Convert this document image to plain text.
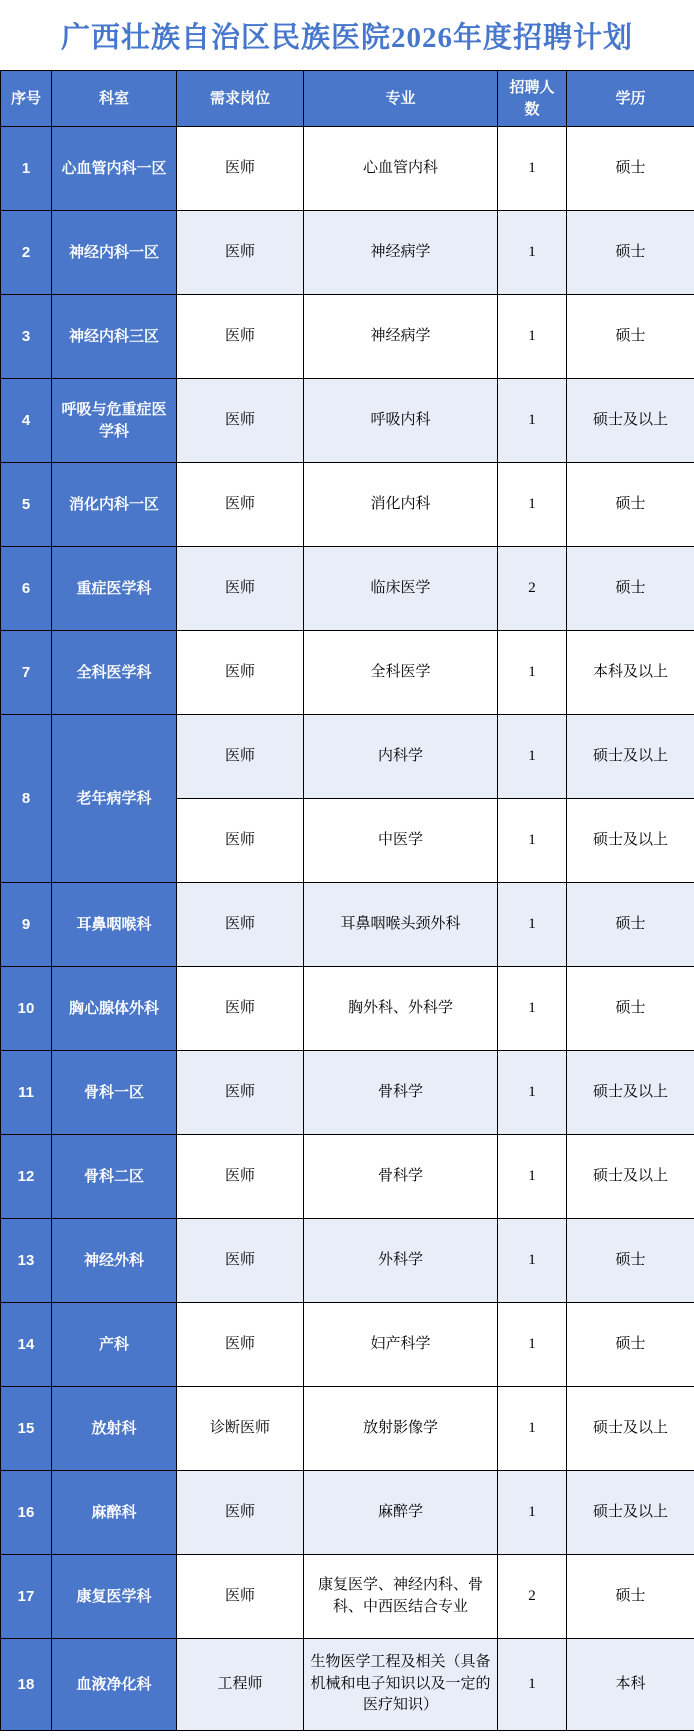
广西壮族自治区民族医院2026年度招聘计划
序号	科室	需求岗位	专业	招聘人数	学历
1	心血管内科一区	医师	心血管内科	1	硕士
2	神经内科一区	医师	神经病学	1	硕士
3	神经内科三区	医师	神经病学	1	硕士
4	呼吸与危重症医学科	医师	呼吸内科	1	硕士及以上
5	消化内科一区	医师	消化内科	1	硕士
6	重症医学科	医师	临床医学	2	硕士
7	全科医学科	医师	全科医学	1	本科及以上
8	老年病学科	医师	内科学	1	硕士及以上
		医师	中医学	1	硕士及以上
9	耳鼻咽喉科	医师	耳鼻咽喉头颈外科	1	硕士
10	胸心腺体外科	医师	胸外科、外科学	1	硕士
11	骨科一区	医师	骨科学	1	硕士及以上
12	骨科二区	医师	骨科学	1	硕士及以上
13	神经外科	医师	外科学	1	硕士
14	产科	医师	妇产科学	1	硕士
15	放射科	诊断医师	放射影像学	1	硕士及以上
16	麻醉科	医师	麻醉学	1	硕士及以上
17	康复医学科	医师	康复医学、神经内科、骨科、中西医结合专业	2	硕士
18	血液净化科	工程师	生物医学工程及相关（具备机械和电子知识以及一定的医疗知识）	1	本科
